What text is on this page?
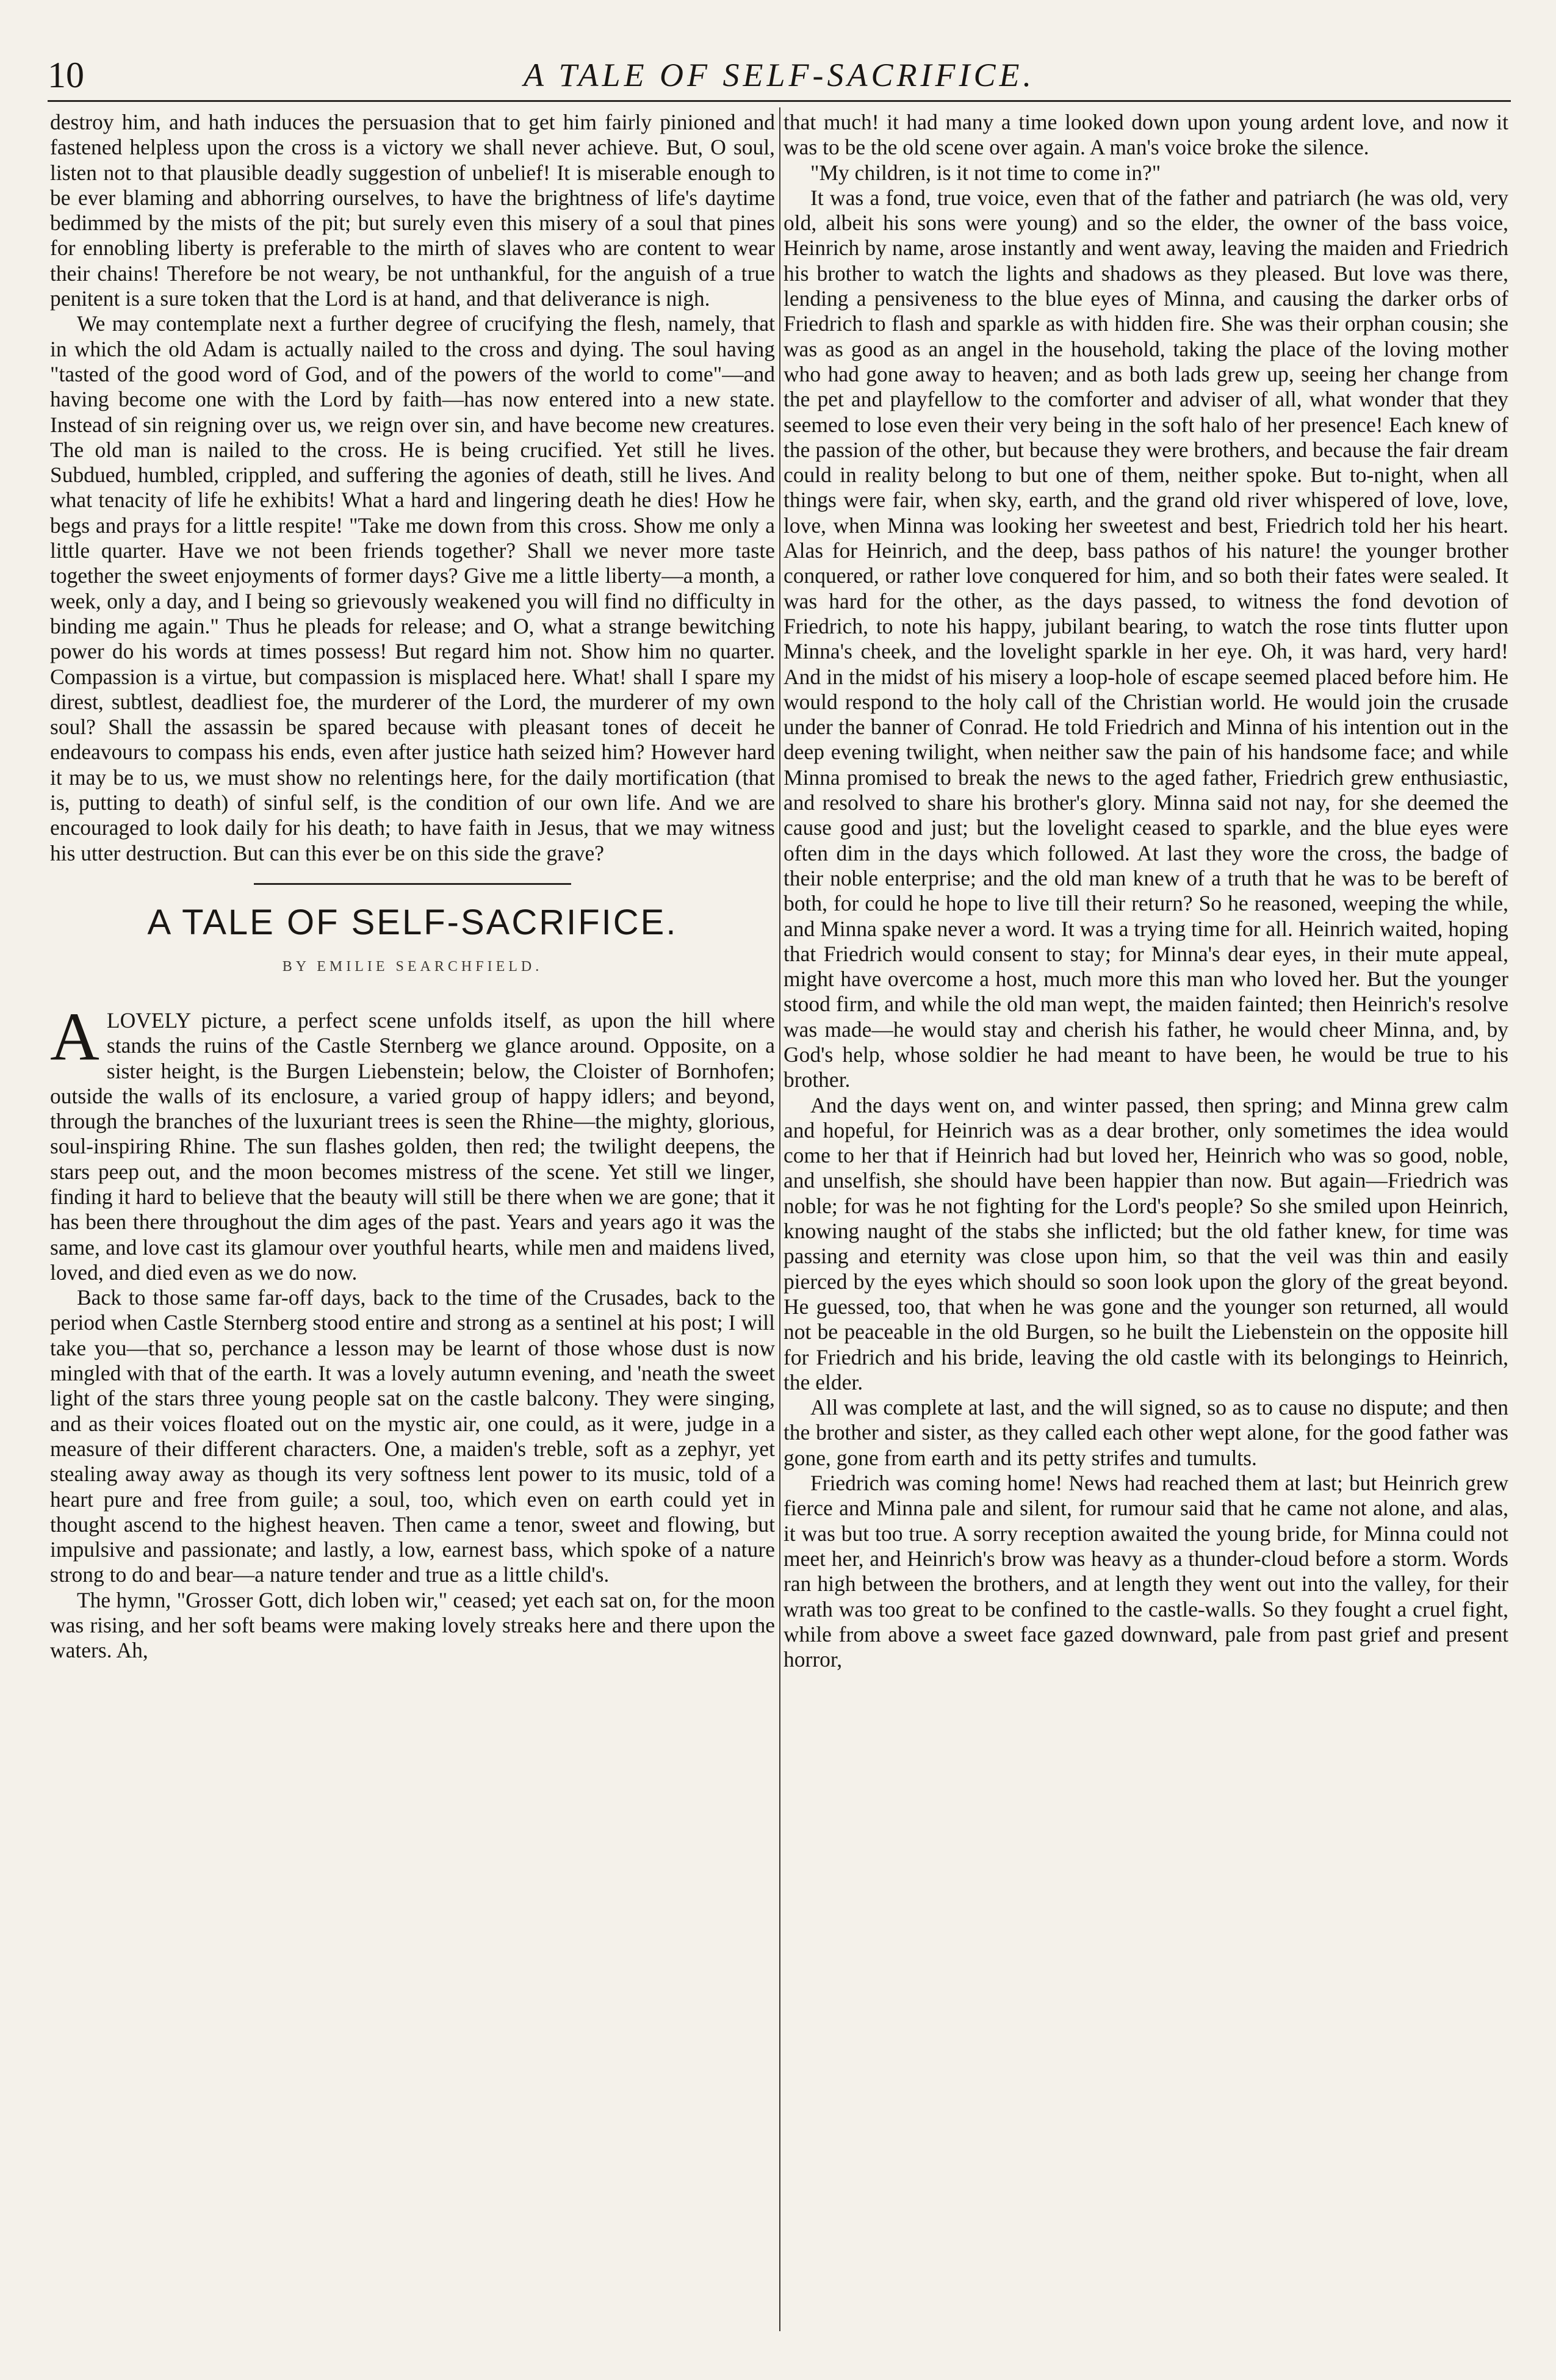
10	A TALE OF SELF-SACRIFICE.

destroy him, and hath induces the persuasion that to get him fairly pinioned and fastened helpless upon the cross is a victory we shall never achieve. But, O soul, listen not to that plausible deadly suggestion of unbelief! It is miserable enough to be ever blaming and abhorring ourselves, to have the brightness of life's daytime bedimmed by the mists of the pit; but surely even this misery of a soul that pines for ennobling liberty is preferable to the mirth of slaves who are content to wear their chains! Therefore be not weary, be not unthankful, for the anguish of a true penitent is a sure token that the Lord is at hand, and that deliverance is nigh.

We may contemplate next a further degree of crucifying the flesh, namely, that in which the old Adam is actually nailed to the cross and dying. The soul having "tasted of the good word of God, and of the powers of the world to come"—and having become one with the Lord by faith—has now entered into a new state. Instead of sin reigning over us, we reign over sin, and have become new creatures. The old man is nailed to the cross. He is being crucified. Yet still he lives. Subdued, humbled, crippled, and suffering the agonies of death, still he lives. And what tenacity of life he exhibits! What a hard and lingering death he dies! How he begs and prays for a little respite! "Take me down from this cross. Show me only a little quarter. Have we not been friends together? Shall we never more taste together the sweet enjoyments of former days? Give me a little liberty—a month, a week, only a day, and I being so grievously weakened you will find no difficulty in binding me again." Thus he pleads for release; and O, what a strange bewitching power do his words at times possess! But regard him not. Show him no quarter. Compassion is a virtue, but compassion is misplaced here. What! shall I spare my direst, subtlest, deadliest foe, the murderer of the Lord, the murderer of my own soul? Shall the assassin be spared because with pleasant tones of deceit he endeavours to compass his ends, even after justice hath seized him? However hard it may be to us, we must show no relentings here, for the daily mortification (that is, putting to death) of sinful self, is the condition of our own life. And we are encouraged to look daily for his death; to have faith in Jesus, that we may witness his utter destruction. But can this ever be on this side the grave?

A TALE OF SELF-SACRIFICE.
BY EMILIE SEARCHFIELD.

ALOVELY picture, a perfect scene unfolds itself, as upon the hill where stands the ruins of the Castle Sternberg we glance around. Opposite, on a sister height, is the Burgen Liebenstein; below, the Cloister of Bornhofen; outside the walls of its enclosure, a varied group of happy idlers; and beyond, through the branches of the luxuriant trees is seen the Rhine—the mighty, glorious, soul-inspiring Rhine. The sun flashes golden, then red; the twilight deepens, the stars peep out, and the moon becomes mistress of the scene. Yet still we linger, finding it hard to believe that the beauty will still be there when we are gone; that it has been there throughout the dim ages of the past. Years and years ago it was the same, and love cast its glamour over youthful hearts, while men and maidens lived, loved, and died even as we do now.

Back to those same far-off days, back to the time of the Crusades, back to the period when Castle Sternberg stood entire and strong as a sentinel at his post; I will take you—that so, perchance a lesson may be learnt of those whose dust is now mingled with that of the earth. It was a lovely autumn evening, and 'neath the sweet light of the stars three young people sat on the castle balcony. They were singing, and as their voices floated out on the mystic air, one could, as it were, judge in a measure of their different characters. One, a maiden's treble, soft as a zephyr, yet stealing away away as though its very softness lent power to its music, told of a heart pure and free from guile; a soul, too, which even on earth could yet in thought ascend to the highest heaven. Then came a tenor, sweet and flowing, but impulsive and passionate; and lastly, a low, earnest bass, which spoke of a nature strong to do and bear—a nature tender and true as a little child's.

The hymn, "Grosser Gott, dich loben wir," ceased; yet each sat on, for the moon was rising, and her soft beams were making lovely streaks here and there upon the waters. Ah,

that much! it had many a time looked down upon young ardent love, and now it was to be the old scene over again. A man's voice broke the silence.

"My children, is it not time to come in?"

It was a fond, true voice, even that of the father and patriarch (he was old, very old, albeit his sons were young) and so the elder, the owner of the bass voice, Heinrich by name, arose instantly and went away, leaving the maiden and Friedrich his brother to watch the lights and shadows as they pleased. But love was there, lending a pensiveness to the blue eyes of Minna, and causing the darker orbs of Friedrich to flash and sparkle as with hidden fire. She was their orphan cousin; she was as good as an angel in the household, taking the place of the loving mother who had gone away to heaven; and as both lads grew up, seeing her change from the pet and playfellow to the comforter and adviser of all, what wonder that they seemed to lose even their very being in the soft halo of her presence! Each knew of the passion of the other, but because they were brothers, and because the fair dream could in reality belong to but one of them, neither spoke. But to-night, when all things were fair, when sky, earth, and the grand old river whispered of love, love, love, when Minna was looking her sweetest and best, Friedrich told her his heart. Alas for Heinrich, and the deep, bass pathos of his nature! the younger brother conquered, or rather love conquered for him, and so both their fates were sealed. It was hard for the other, as the days passed, to witness the fond devotion of Friedrich, to note his happy, jubilant bearing, to watch the rose tints flutter upon Minna's cheek, and the lovelight sparkle in her eye. Oh, it was hard, very hard! And in the midst of his misery a loop-hole of escape seemed placed before him. He would respond to the holy call of the Christian world. He would join the crusade under the banner of Conrad. He told Friedrich and Minna of his intention out in the deep evening twilight, when neither saw the pain of his handsome face; and while Minna promised to break the news to the aged father, Friedrich grew enthusiastic, and resolved to share his brother's glory. Minna said not nay, for she deemed the cause good and just; but the lovelight ceased to sparkle, and the blue eyes were often dim in the days which followed. At last they wore the cross, the badge of their noble enterprise; and the old man knew of a truth that he was to be bereft of both, for could he hope to live till their return? So he reasoned, weeping the while, and Minna spake never a word. It was a trying time for all. Heinrich waited, hoping that Friedrich would consent to stay; for Minna's dear eyes, in their mute appeal, might have overcome a host, much more this man who loved her. But the younger stood firm, and while the old man wept, the maiden fainted; then Heinrich's resolve was made—he would stay and cherish his father, he would cheer Minna, and, by God's help, whose soldier he had meant to have been, he would be true to his brother.

And the days went on, and winter passed, then spring; and Minna grew calm and hopeful, for Heinrich was as a dear brother, only sometimes the idea would come to her that if Heinrich had but loved her, Heinrich who was so good, noble, and unselfish, she should have been happier than now. But again—Friedrich was noble; for was he not fighting for the Lord's people? So she smiled upon Heinrich, knowing naught of the stabs she inflicted; but the old father knew, for time was passing and eternity was close upon him, so that the veil was thin and easily pierced by the eyes which should so soon look upon the glory of the great beyond. He guessed, too, that when he was gone and the younger son returned, all would not be peaceable in the old Burgen, so he built the Liebenstein on the opposite hill for Friedrich and his bride, leaving the old castle with its belongings to Heinrich, the elder.

All was complete at last, and the will signed, so as to cause no dispute; and then the brother and sister, as they called each other wept alone, for the good father was gone, gone from earth and its petty strifes and tumults.

Friedrich was coming home! News had reached them at last; but Heinrich grew fierce and Minna pale and silent, for rumour said that he came not alone, and alas, it was but too true. A sorry reception awaited the young bride, for Minna could not meet her, and Heinrich's brow was heavy as a thunder-cloud before a storm. Words ran high between the brothers, and at length they went out into the valley, for their wrath was too great to be confined to the castle-walls. So they fought a cruel fight, while from above a sweet face gazed downward, pale from past grief and present horror,
